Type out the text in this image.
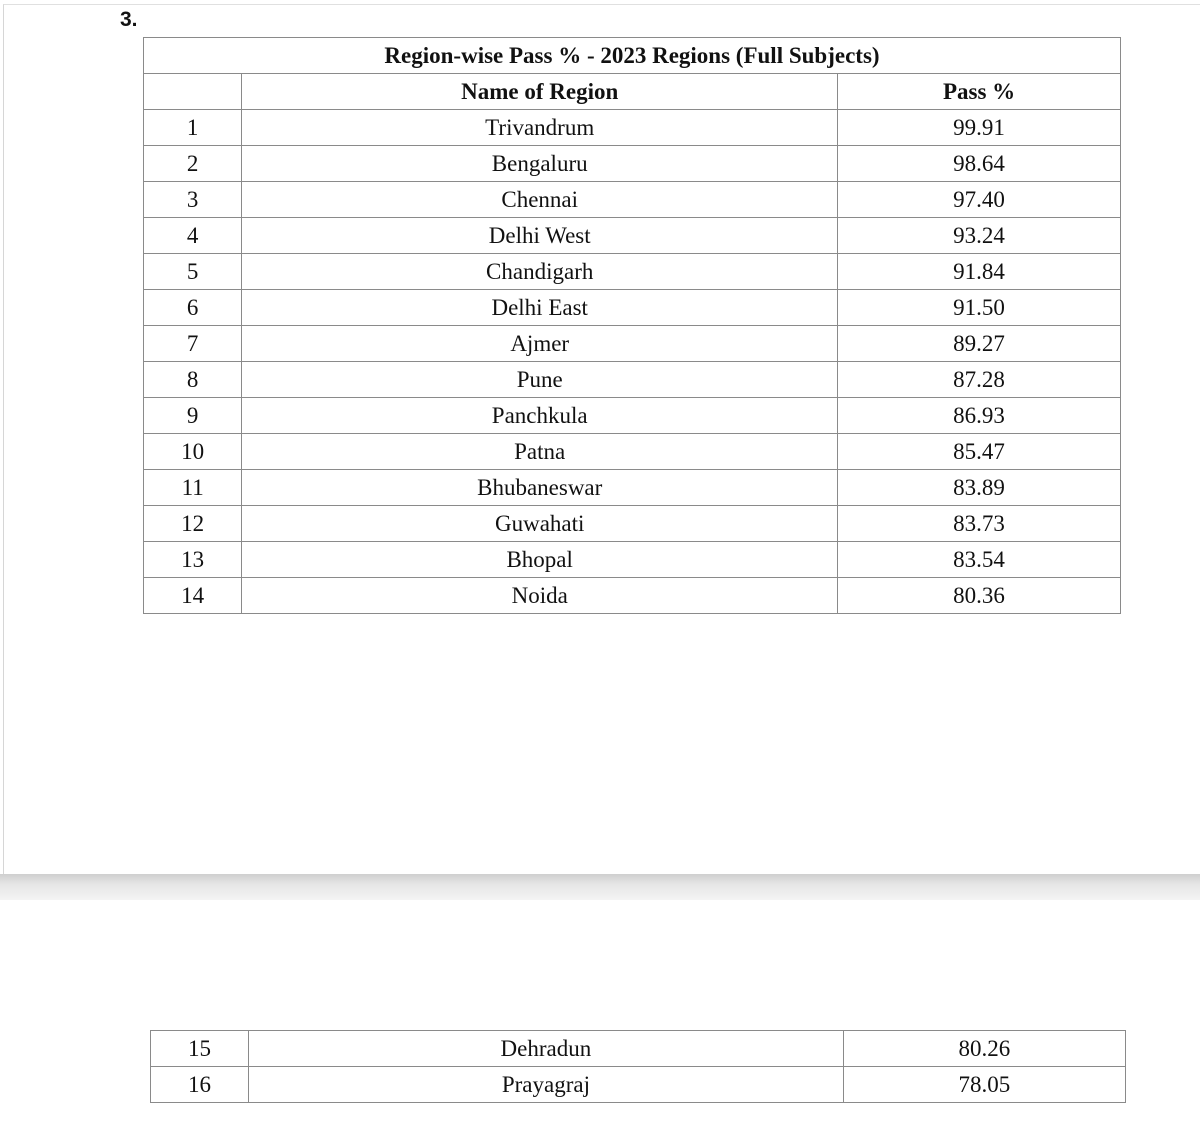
3.
Region-wise Pass % - 2023 Regions (Full Subjects)		
	Name of Region	Pass %
1	Trivandrum	99.91
2	Bengaluru	98.64
3	Chennai	97.40
4	Delhi West	93.24
5	Chandigarh	91.84
6	Delhi East	91.50
7	Ajmer	89.27
8	Pune	87.28
9	Panchkula	86.93
10	Patna	85.47
11	Bhubaneswar	83.89
12	Guwahati	83.73
13	Bhopal	83.54
14	Noida	80.36
15	Dehradun	80.26
16	Prayagraj	78.05
